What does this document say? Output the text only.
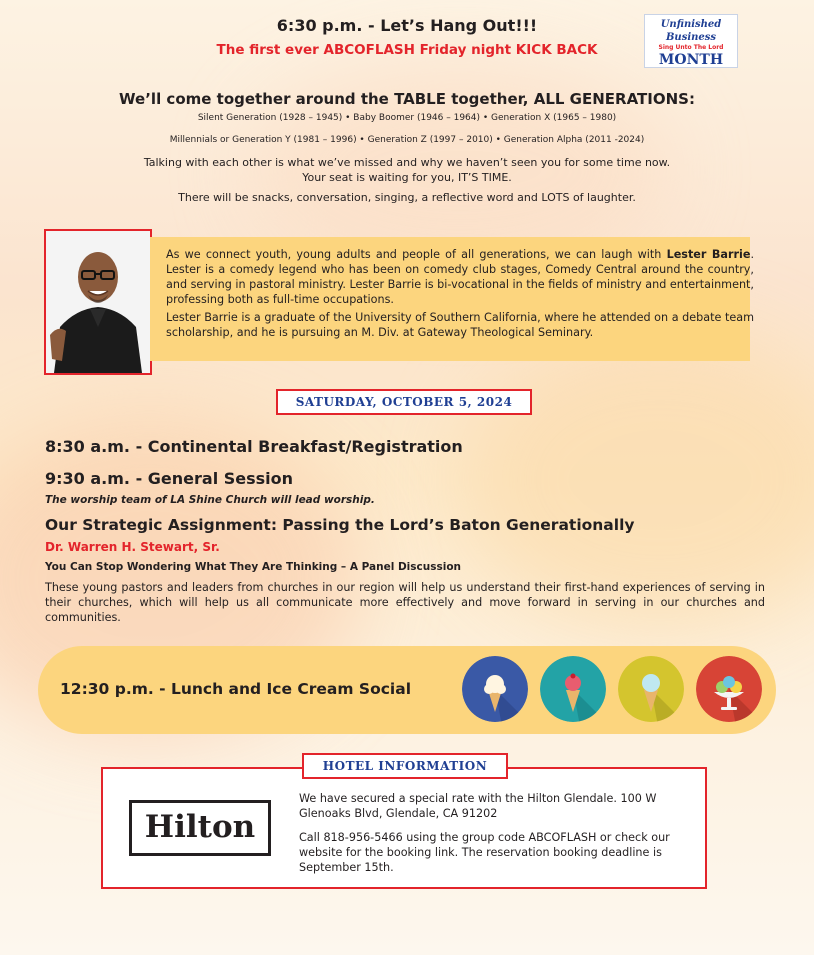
6:30 p.m. - Let’s Hang Out!!!
The first ever ABCOFLASH Friday night KICK BACK
Unfinished Business
Sing Unto The Lord
MONTH
We’ll come together around the TABLE together, ALL GENERATIONS:
Silent Generation (1928 – 1945) • Baby Boomer (1946 – 1964) • Generation X (1965 – 1980)
Millennials or Generation Y (1981 – 1996) • Generation Z (1997 – 2010) • Generation Alpha (2011 -2024)
Talking with each other is what we’ve missed and why we haven’t seen you for some time now.
Your seat is waiting for you, IT’S TIME.
There will be snacks, conversation, singing, a reflective word and LOTS of laughter.

As we connect youth, young adults and people of all generations, we can laugh with Lester Barrie. Lester is a comedy legend who has been on comedy club stages, Comedy Central around the country, and serving in pastoral ministry. Lester Barrie is bi-vocational in the fields of ministry and entertainment, professing both as full-time occupations.

Lester Barrie is a graduate of the University of Southern California, where he attended on a debate team scholarship, and he is pursuing an M. Div. at Gateway Theological Seminary.

SATURDAY, OCTOBER 5, 2024
8:30 a.m. - Continental Breakfast/Registration
9:30 a.m. - General Session
The worship team of LA Shine Church will lead worship.
Our Strategic Assignment: Passing the Lord’s Baton Generationally
Dr. Warren H. Stewart, Sr.
You Can Stop Wondering What They Are Thinking – A Panel Discussion
These young pastors and leaders from churches in our region will help us understand their first-hand experiences of serving in their churches, which will help us all communicate more effectively and move forward in serving in our churches and communities.
12:30 p.m. - Lunch and Ice Cream Social
HOTEL INFORMATION
Hilton
We have secured a special rate with the Hilton Glendale. 100 W Glenoaks Blvd, Glendale, CA 91202
Call 818-956-5466 using the group code ABCOFLASH or check our website for the booking link. The reservation booking deadline is September 15th.
